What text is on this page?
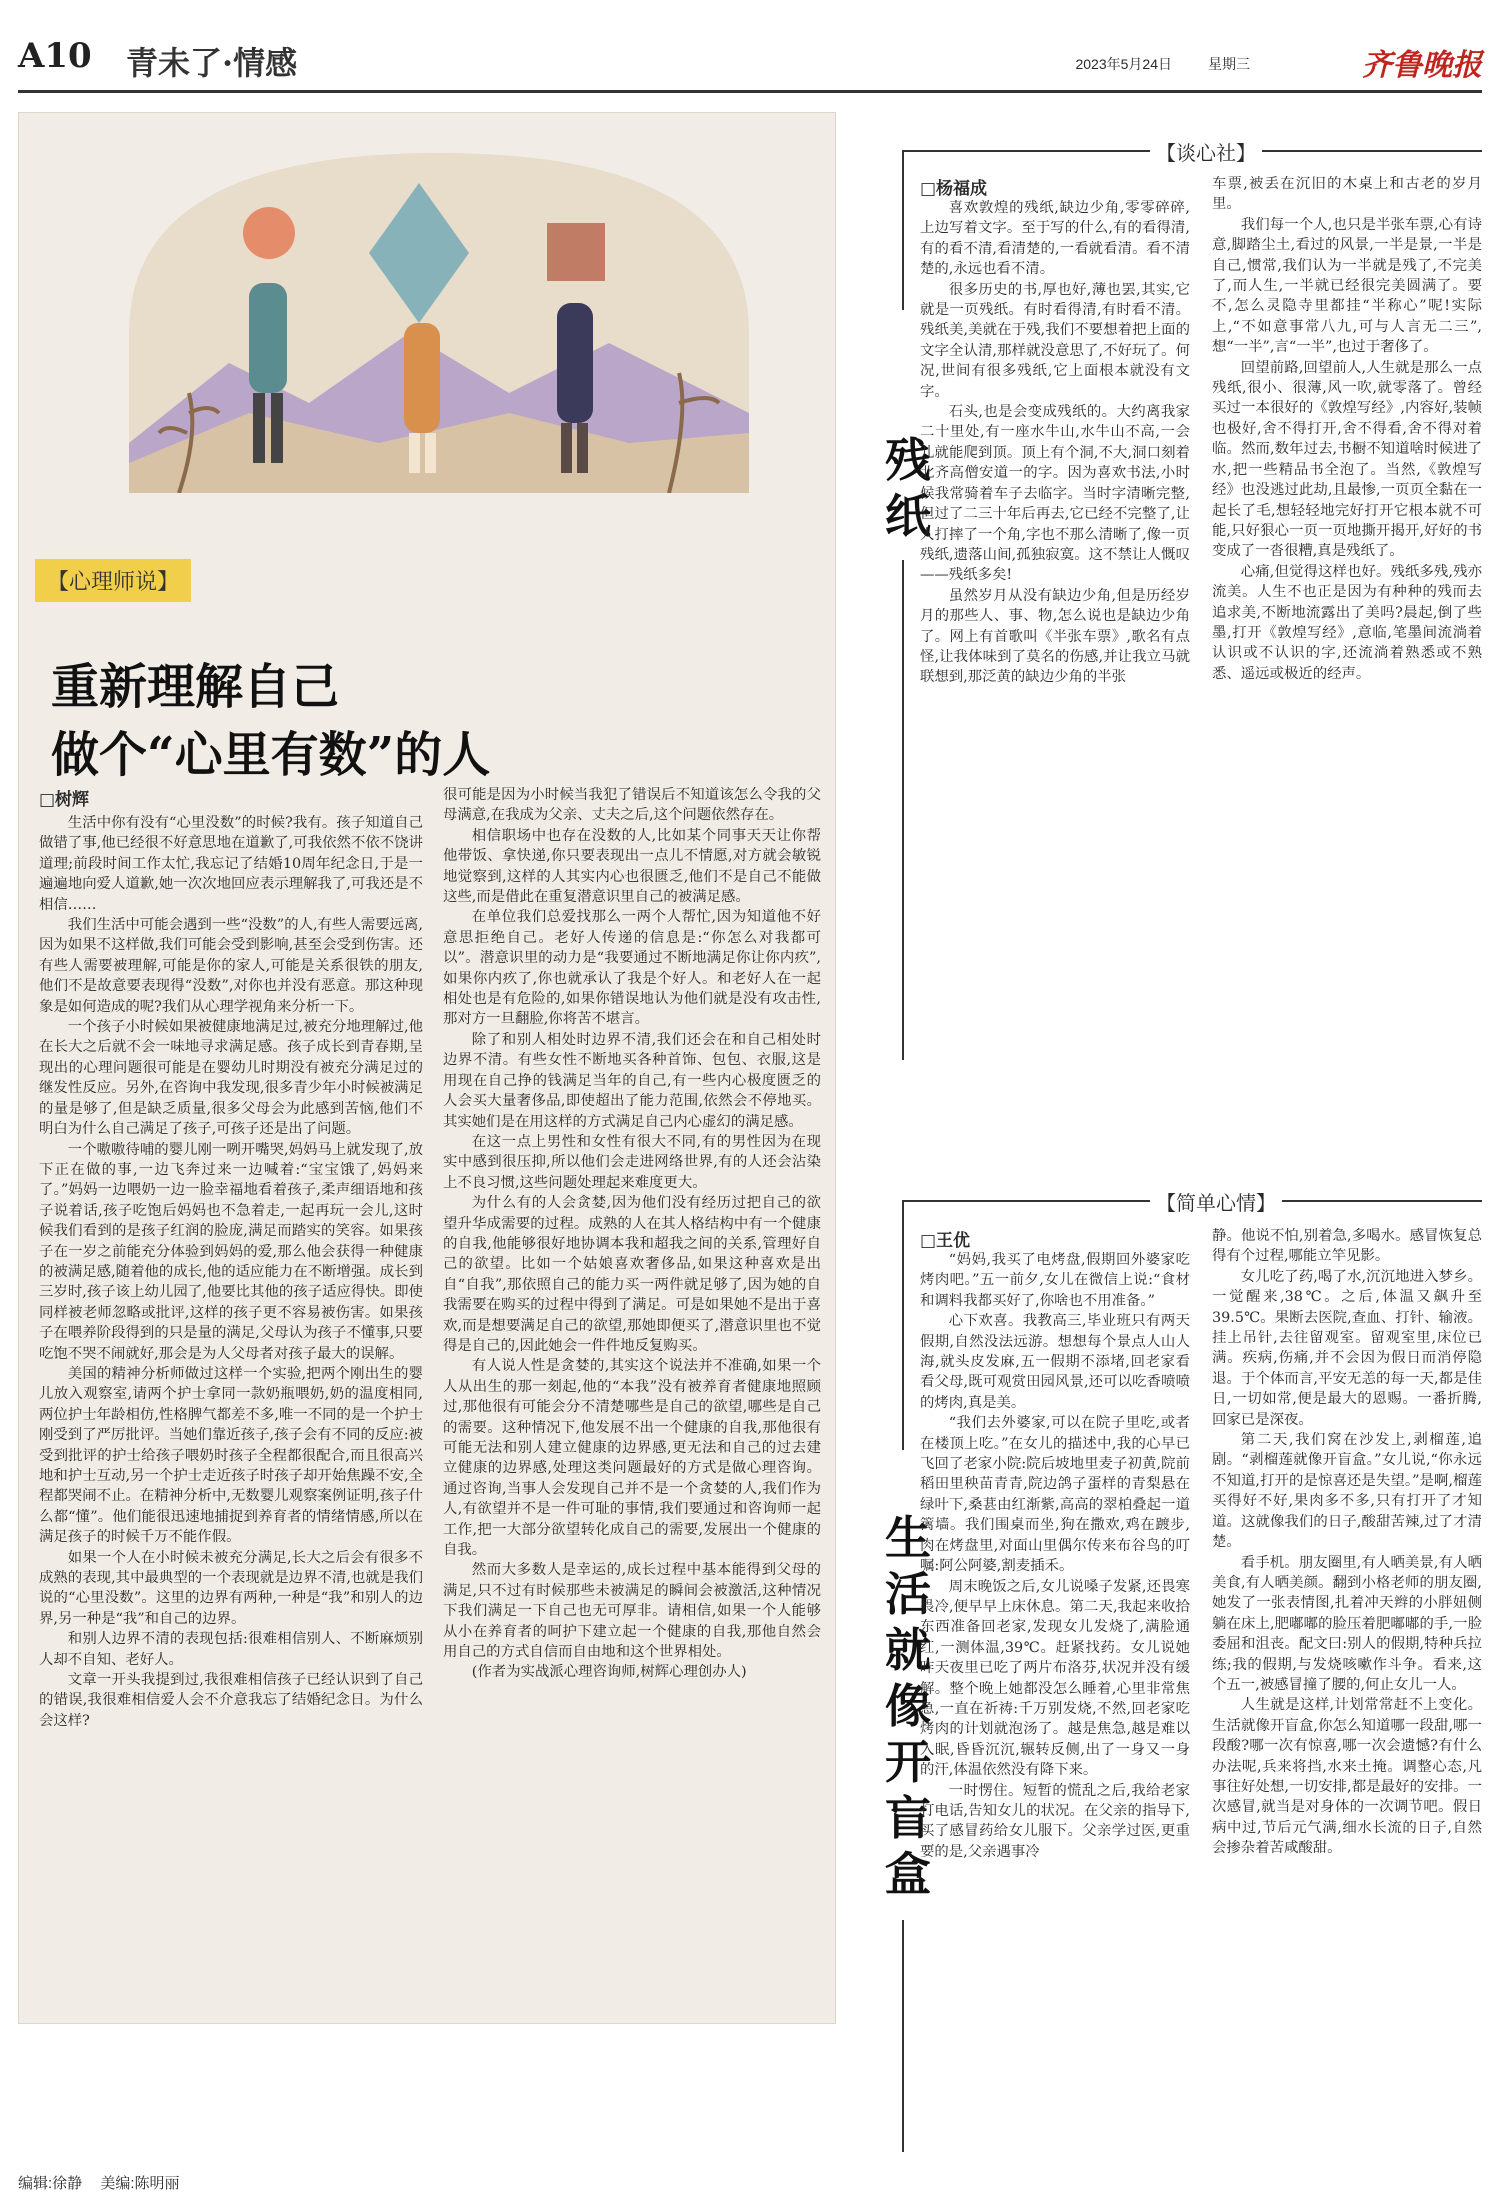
A10 青未了·情感	2023年5月24日	星期三	齐鲁晚报
【心理师说】
重新理解自己
做个“心里有数”的人
□树辉

生活中你有没有“心里没数”的时候?我有。孩子知道自己做错了事,他已经很不好意思地在道歉了,可我依然不依不饶讲道理;前段时间工作太忙,我忘记了结婚10周年纪念日,于是一遍遍地向爱人道歉,她一次次地回应表示理解我了,可我还是不相信……

我们生活中可能会遇到一些“没数”的人,有些人需要远离,因为如果不这样做,我们可能会受到影响,甚至会受到伤害。还有些人需要被理解,可能是你的家人,可能是关系很铁的朋友,他们不是故意要表现得“没数”,对你也并没有恶意。那这种现象是如何造成的呢?我们从心理学视角来分析一下。

一个孩子小时候如果被健康地满足过,被充分地理解过,他在长大之后就不会一味地寻求满足感。孩子成长到青春期,呈现出的心理问题很可能是在婴幼儿时期没有被充分满足过的继发性反应。另外,在咨询中我发现,很多青少年小时候被满足的量是够了,但是缺乏质量,很多父母会为此感到苦恼,他们不明白为什么自己满足了孩子,可孩子还是出了问题。

一个嗷嗷待哺的婴儿刚一咧开嘴哭,妈妈马上就发现了,放下正在做的事,一边飞奔过来一边喊着:“宝宝饿了,妈妈来了。”妈妈一边喂奶一边一脸幸福地看着孩子,柔声细语地和孩子说着话,孩子吃饱后妈妈也不急着走,一起再玩一会儿,这时候我们看到的是孩子红润的脸庞,满足而踏实的笑容。如果孩子在一岁之前能充分体验到妈妈的爱,那么他会获得一种健康的被满足感,随着他的成长,他的适应能力在不断增强。成长到三岁时,孩子该上幼儿园了,他要比其他的孩子适应得快。即使同样被老师忽略或批评,这样的孩子更不容易被伤害。如果孩子在喂养阶段得到的只是量的满足,父母认为孩子不懂事,只要吃饱不哭不闹就好,那会是为人父母者对孩子最大的误解。

美国的精神分析师做过这样一个实验,把两个刚出生的婴儿放入观察室,请两个护士拿同一款奶瓶喂奶,奶的温度相同,两位护士年龄相仿,性格脾气都差不多,唯一不同的是一个护士刚受到了严厉批评。当她们靠近孩子,孩子会有不同的反应:被受到批评的护士给孩子喂奶时孩子全程都很配合,而且很高兴地和护士互动,另一个护士走近孩子时孩子却开始焦躁不安,全程都哭闹不止。在精神分析中,无数婴儿观察案例证明,孩子什么都“懂”。他们能很迅速地捕捉到养育者的情绪情感,所以在满足孩子的时候千万不能作假。

如果一个人在小时候未被充分满足,长大之后会有很多不成熟的表现,其中最典型的一个表现就是边界不清,也就是我们说的“心里没数”。这里的边界有两种,一种是“我”和别人的边界,另一种是“我”和自己的边界。

和别人边界不清的表现包括:很难相信别人、不断麻烦别人却不自知、老好人。

文章一开头我提到过,我很难相信孩子已经认识到了自己的错误,我很难相信爱人会不介意我忘了结婚纪念日。为什么会这样?

很可能是因为小时候当我犯了错误后不知道该怎么令我的父母满意,在我成为父亲、丈夫之后,这个问题依然存在。

相信职场中也存在没数的人,比如某个同事天天让你帮他带饭、拿快递,你只要表现出一点儿不情愿,对方就会敏锐地觉察到,这样的人其实内心也很匮乏,他们不是自己不能做这些,而是借此在重复潜意识里自己的被满足感。

在单位我们总爱找那么一两个人帮忙,因为知道他不好意思拒绝自己。老好人传递的信息是:“你怎么对我都可以”。潜意识里的动力是“我要通过不断地满足你让你内疚”,如果你内疚了,你也就承认了我是个好人。和老好人在一起相处也是有危险的,如果你错误地认为他们就是没有攻击性,那对方一旦翻脸,你将苦不堪言。

除了和别人相处时边界不清,我们还会在和自己相处时边界不清。有些女性不断地买各种首饰、包包、衣服,这是用现在自己挣的钱满足当年的自己,有一些内心极度匮乏的人会买大量奢侈品,即使超出了能力范围,依然会不停地买。其实她们是在用这样的方式满足自己内心虚幻的满足感。

在这一点上男性和女性有很大不同,有的男性因为在现实中感到很压抑,所以他们会走进网络世界,有的人还会沾染上不良习惯,这些问题处理起来难度更大。

为什么有的人会贪婪,因为他们没有经历过把自己的欲望升华成需要的过程。成熟的人在其人格结构中有一个健康的自我,他能够很好地协调本我和超我之间的关系,管理好自己的欲望。比如一个姑娘喜欢奢侈品,如果这种喜欢是出自“自我”,那依照自己的能力买一两件就足够了,因为她的自我需要在购买的过程中得到了满足。可是如果她不是出于喜欢,而是想要满足自己的欲望,那她即便买了,潜意识里也不觉得是自己的,因此她会一件件地反复购买。

有人说人性是贪婪的,其实这个说法并不准确,如果一个人从出生的那一刻起,他的“本我”没有被养育者健康地照顾过,那他很有可能会分不清楚哪些是自己的欲望,哪些是自己的需要。这种情况下,他发展不出一个健康的自我,那他很有可能无法和别人建立健康的边界感,更无法和自己的过去建立健康的边界感,处理这类问题最好的方式是做心理咨询。通过咨询,当事人会发现自己并不是一个贪婪的人,我们作为人,有欲望并不是一件可耻的事情,我们要通过和咨询师一起工作,把一大部分欲望转化成自己的需要,发展出一个健康的自我。

然而大多数人是幸运的,成长过程中基本能得到父母的满足,只不过有时候那些未被满足的瞬间会被激活,这种情况下我们满足一下自己也无可厚非。请相信,如果一个人能够从小在养育者的呵护下建立起一个健康的自我,那他自然会用自己的方式自信而自由地和这个世界相处。

(作者为实战派心理咨询师,树辉心理创办人)

【谈心社】
残纸
□杨福成

喜欢敦煌的残纸,缺边少角,零零碎碎,上边写着文字。至于写的什么,有的看得清,有的看不清,看清楚的,一看就看清。看不清楚的,永远也看不清。

很多历史的书,厚也好,薄也罢,其实,它就是一页残纸。有时看得清,有时看不清。残纸美,美就在于残,我们不要想着把上面的文字全认清,那样就没意思了,不好玩了。何况,世间有很多残纸,它上面根本就没有文字。

石头,也是会变成残纸的。大约离我家二十里处,有一座水牛山,水牛山不高,一会儿就能爬到顶。顶上有个洞,不大,洞口刻着北齐高僧安道一的字。因为喜欢书法,小时候我常骑着车子去临字。当时字清晰完整,但过了二三十年后再去,它已经不完整了,让人打摔了一个角,字也不那么清晰了,像一页残纸,遗落山间,孤独寂寞。这不禁让人慨叹——残纸多矣!

虽然岁月从没有缺边少角,但是历经岁月的那些人、事、物,怎么说也是缺边少角了。网上有首歌叫《半张车票》,歌名有点怪,让我体味到了莫名的伤感,并让我立马就联想到,那泛黄的缺边少角的半张

车票,被丢在沉旧的木桌上和古老的岁月里。

我们每一个人,也只是半张车票,心有诗意,脚踏尘土,看过的风景,一半是景,一半是自己,惯常,我们认为一半就是残了,不完美了,而人生,一半就已经很完美圆满了。要不,怎么灵隐寺里都挂“半称心”呢!实际上,“不如意事常八九,可与人言无二三”,想“一半”,言“一半”,也过于奢侈了。

回望前路,回望前人,人生就是那么一点残纸,很小、很薄,风一吹,就零落了。曾经买过一本很好的《敦煌写经》,内容好,装帧也极好,舍不得打开,舍不得看,舍不得对着临。然而,数年过去,书橱不知道啥时候进了水,把一些精品书全泡了。当然,《敦煌写经》也没逃过此劫,且最惨,一页页全黏在一起长了毛,想轻轻地完好打开它根本就不可能,只好狠心一页一页地撕开揭开,好好的书变成了一沓很糟,真是残纸了。

心痛,但觉得这样也好。残纸多残,残亦流美。人生不也正是因为有种种的残而去追求美,不断地流露出了美吗?晨起,倒了些墨,打开《敦煌写经》,意临,笔墨间流淌着认识或不认识的字,还流淌着熟悉或不熟悉、遥远或极近的经声。

【简单心情】
生活就像开盲盒
□王优

“妈妈,我买了电烤盘,假期回外婆家吃烤肉吧。”五一前夕,女儿在微信上说:“食材和调料我都买好了,你啥也不用准备。”

心下欢喜。我教高三,毕业班只有两天假期,自然没法远游。想想每个景点人山人海,就头皮发麻,五一假期不添堵,回老家看看父母,既可观赏田园风景,还可以吃香喷喷的烤肉,真是美。

“我们去外婆家,可以在院子里吃,或者在楼顶上吃。”在女儿的描述中,我的心早已飞回了老家小院:院后坡地里麦子初黄,院前稻田里秧苗青青,院边鸽子蛋样的青梨悬在绿叶下,桑葚由红渐紫,高高的翠柏叠起一道篱墙。我们围桌而坐,狗在撒欢,鸡在踱步,肉在烤盘里,对面山里偶尔传来布谷鸟的叮嘱:阿公阿婆,割麦插禾。

周末晚饭之后,女儿说嗓子发紧,还畏寒畏冷,便早早上床休息。第二天,我起来收拾东西准备回老家,发现女儿发烧了,满脸通红,一测体温,39℃。赶紧找药。女儿说她昨天夜里已吃了两片布洛芬,状况并没有缓解。整个晚上她都没怎么睡着,心里非常焦急,一直在祈祷:千万别发烧,不然,回老家吃烤肉的计划就泡汤了。越是焦急,越是难以入眠,昏昏沉沉,辗转反侧,出了一身又一身的汗,体温依然没有降下来。

一时愣住。短暂的慌乱之后,我给老家打电话,告知女儿的状况。在父亲的指导下,买了感冒药给女儿服下。父亲学过医,更重要的是,父亲遇事冷

静。他说不怕,别着急,多喝水。感冒恢复总得有个过程,哪能立竿见影。

女儿吃了药,喝了水,沉沉地进入梦乡。一觉醒来,38℃。之后,体温又飙升至39.5℃。果断去医院,查血、打针、输液。挂上吊针,去往留观室。留观室里,床位已满。疾病,伤痛,并不会因为假日而消停隐退。于个体而言,平安无恙的每一天,都是佳日,一切如常,便是最大的恩赐。一番折腾,回家已是深夜。

第二天,我们窝在沙发上,剥榴莲,追剧。“剥榴莲就像开盲盒。”女儿说,“你永远不知道,打开的是惊喜还是失望。”是啊,榴莲买得好不好,果肉多不多,只有打开了才知道。这就像我们的日子,酸甜苦辣,过了才清楚。

看手机。朋友圈里,有人晒美景,有人晒美食,有人晒美颜。翻到小格老师的朋友圈,她发了一张表情图,扎着冲天辫的小胖妞侧躺在床上,肥嘟嘟的脸压着肥嘟嘟的手,一脸委屈和沮丧。配文曰:别人的假期,特种兵拉练;我的假期,与发烧咳嗽作斗争。看来,这个五一,被感冒撞了腰的,何止女儿一人。

人生就是这样,计划常常赶不上变化。生活就像开盲盒,你怎么知道哪一段甜,哪一段酸?哪一次有惊喜,哪一次会遗憾?有什么办法呢,兵来将挡,水来土掩。调整心态,凡事往好处想,一切安排,都是最好的安排。一次感冒,就当是对身体的一次调节吧。假日病中过,节后元气满,细水长流的日子,自然会掺杂着苦咸酸甜。

编辑:徐静 美编:陈明丽
